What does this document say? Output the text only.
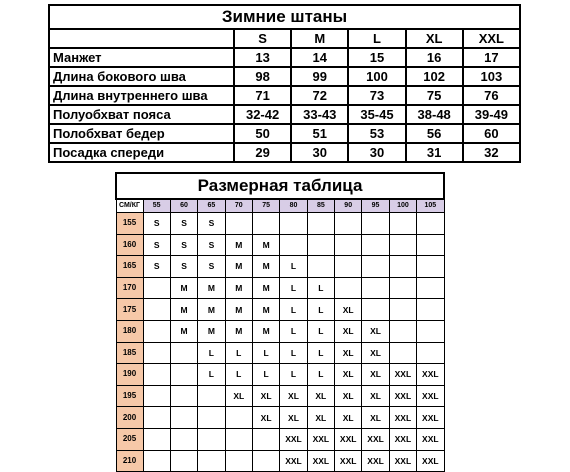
Зимние штаны					
	S	M	L	XL	XXL
Манжет	13	14	15	16	17
Длина бокового шва	98	99	100	102	103
Длина внутреннего шва	71	72	73	75	76
Полуобхват пояса	32-42	33-43	35-45	38-48	39-49
Полобхват бедер	50	51	53	56	60
Посадка спереди	29	30	30	31	32
Размерная таблица											
СМ/КГ	55	60	65	70	75	80	85	90	95	100	105
155	S	S	S								
160	S	S	S	M	M						
165	S	S	S	M	M	L					
170		M	M	M	M	L	L				
175		M	M	M	M	L	L	XL			
180		M	M	M	M	L	L	XL	XL		
185			L	L	L	L	L	XL	XL		
190			L	L	L	L	L	XL	XL	XXL	XXL
195				XL	XL	XL	XL	XL	XL	XXL	XXL
200					XL	XL	XL	XL	XL	XXL	XXL
205						XXL	XXL	XXL	XXL	XXL	XXL
210						XXL	XXL	XXL	XXL	XXL	XXL
